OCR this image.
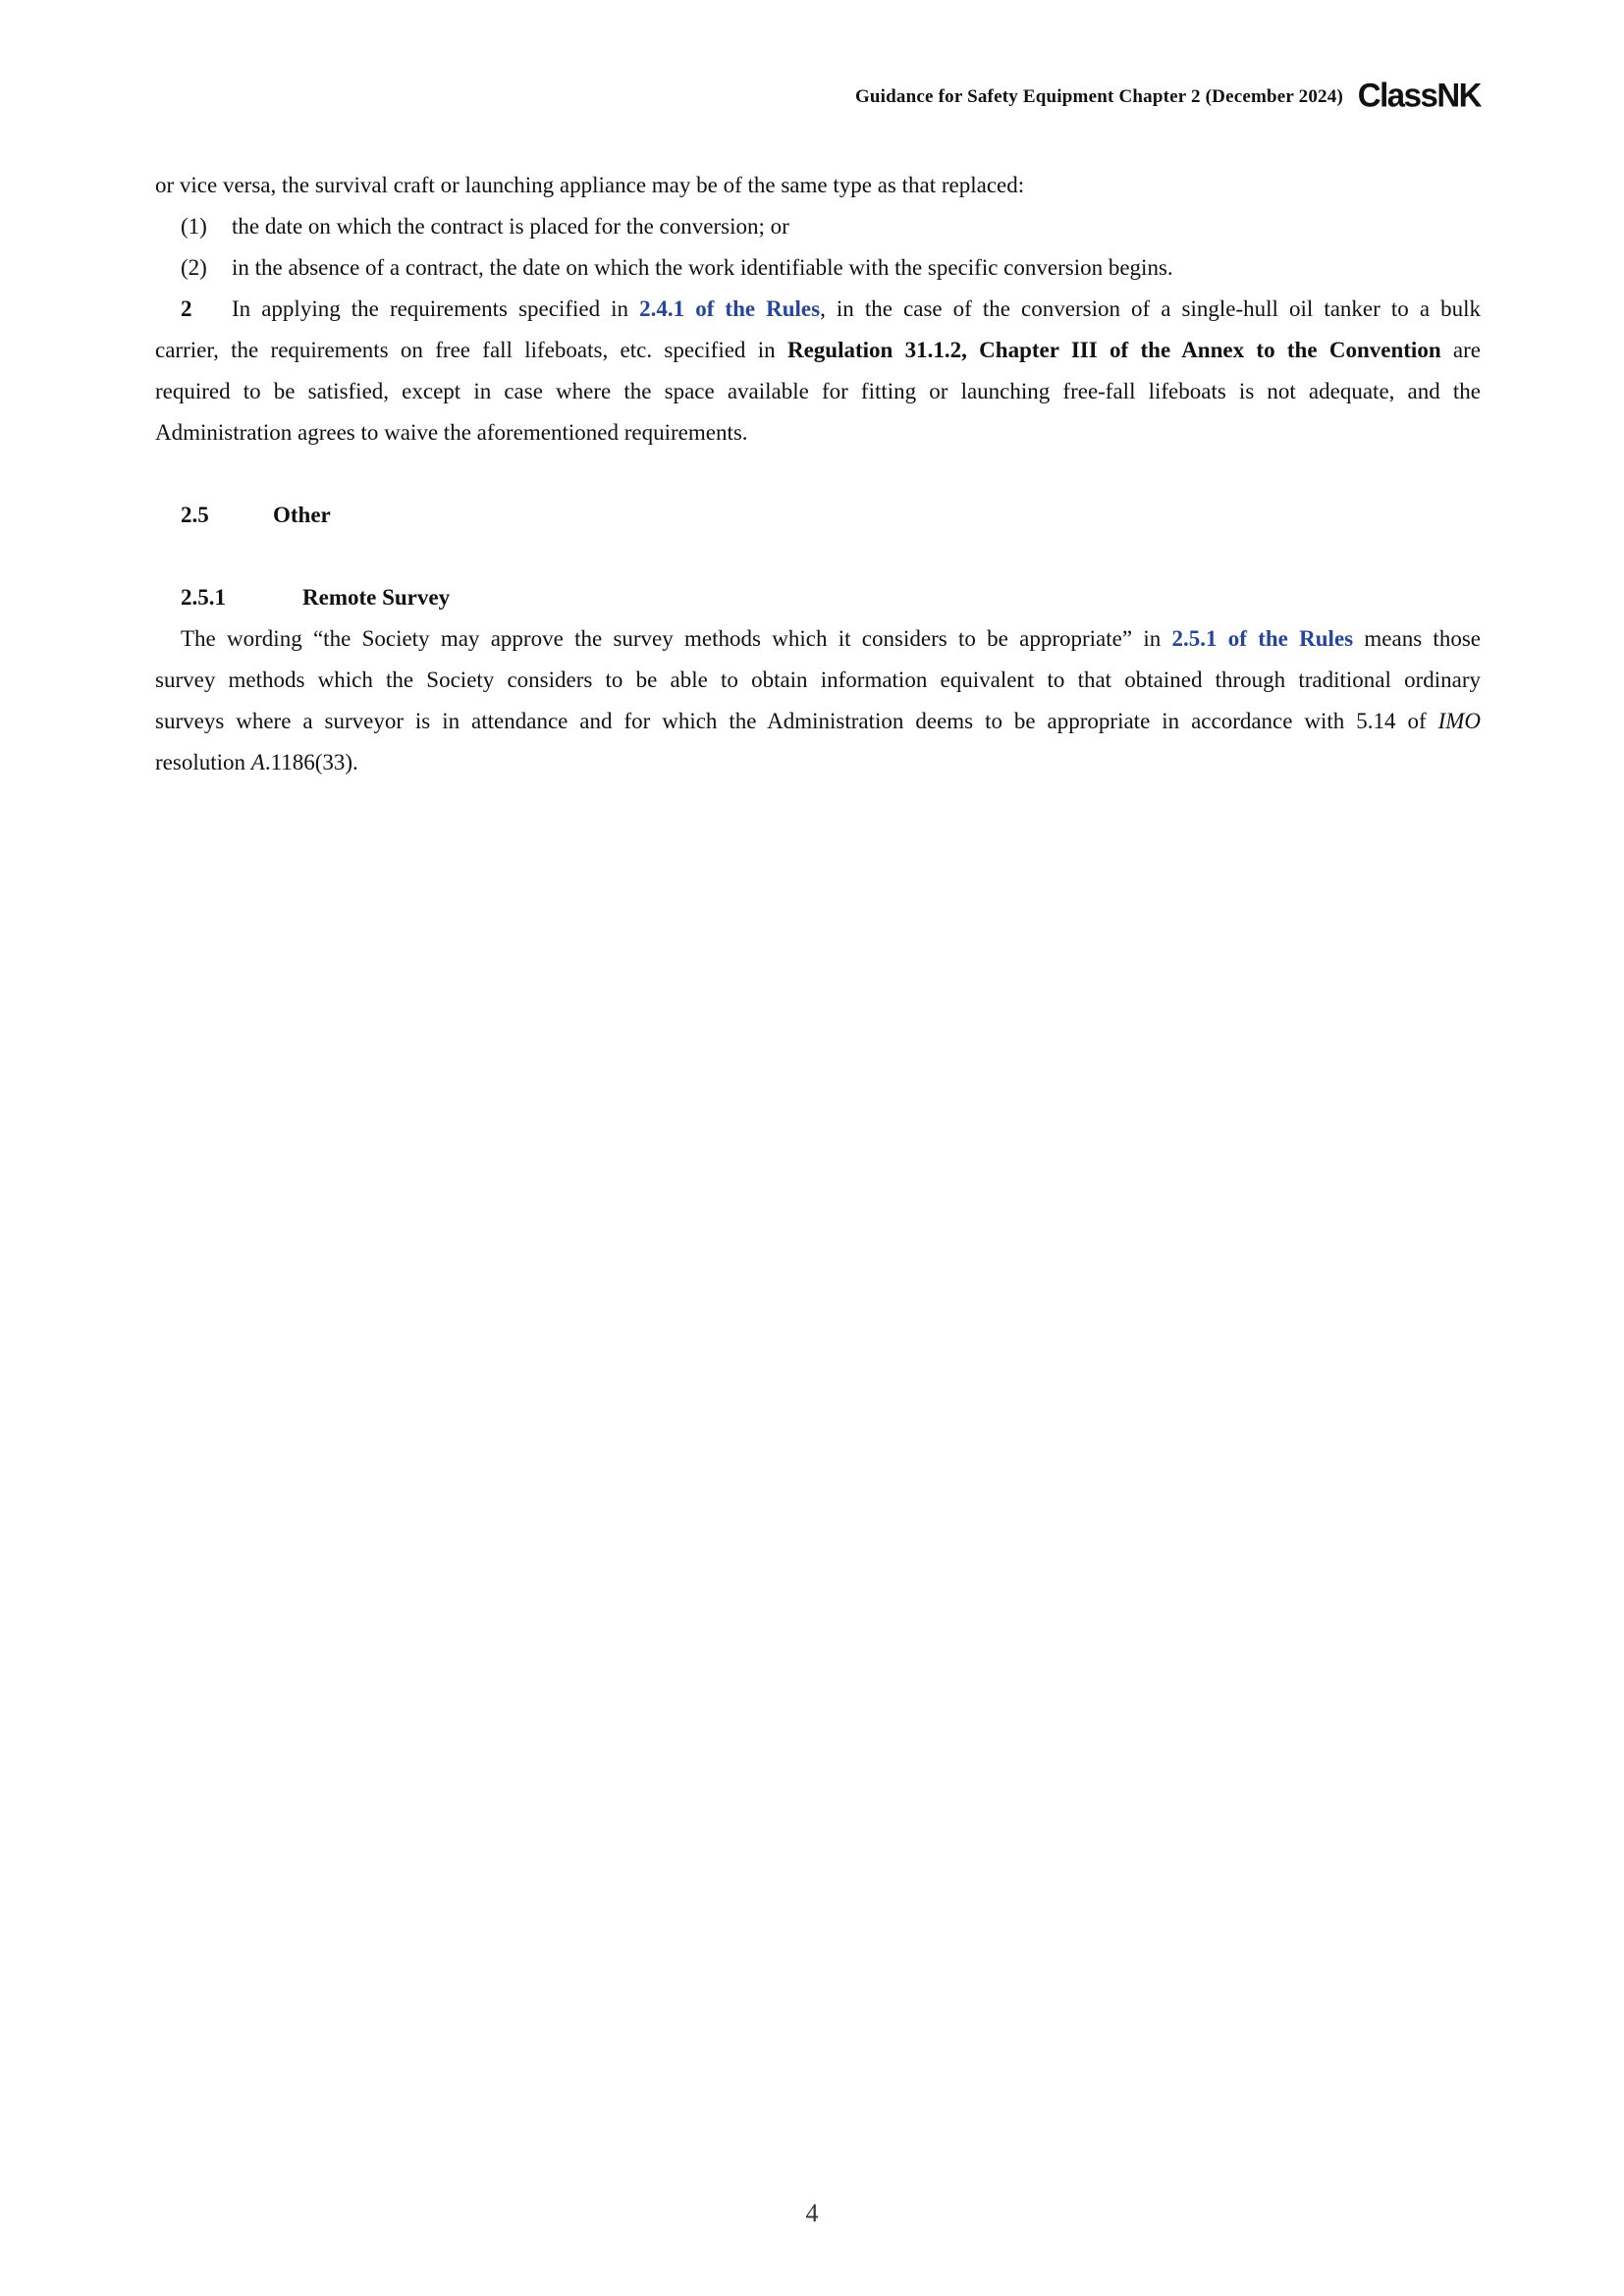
Guidance for Safety Equipment Chapter 2 (December 2024) ClassNK
or vice versa, the survival craft or launching appliance may be of the same type as that replaced:
(1) the date on which the contract is placed for the conversion; or
(2) in the absence of a contract, the date on which the work identifiable with the specific conversion begins.
2 In applying the requirements specified in 2.4.1 of the Rules, in the case of the conversion of a single-hull oil tanker to a bulk
carrier, the requirements on free fall lifeboats, etc. specified in Regulation 31.1.2, Chapter III of the Annex to the Convention are
required to be satisfied, except in case where the space available for fitting or launching free-fall lifeboats is not adequate, and the
Administration agrees to waive the aforementioned requirements.
2.5	Other
2.5.1	Remote Survey
The wording “the Society may approve the survey methods which it considers to be appropriate” in 2.5.1 of the Rules means those
survey methods which the Society considers to be able to obtain information equivalent to that obtained through traditional ordinary
surveys where a surveyor is in attendance and for which the Administration deems to be appropriate in accordance with 5.14 of IMO
resolution A.1186(33).
4
